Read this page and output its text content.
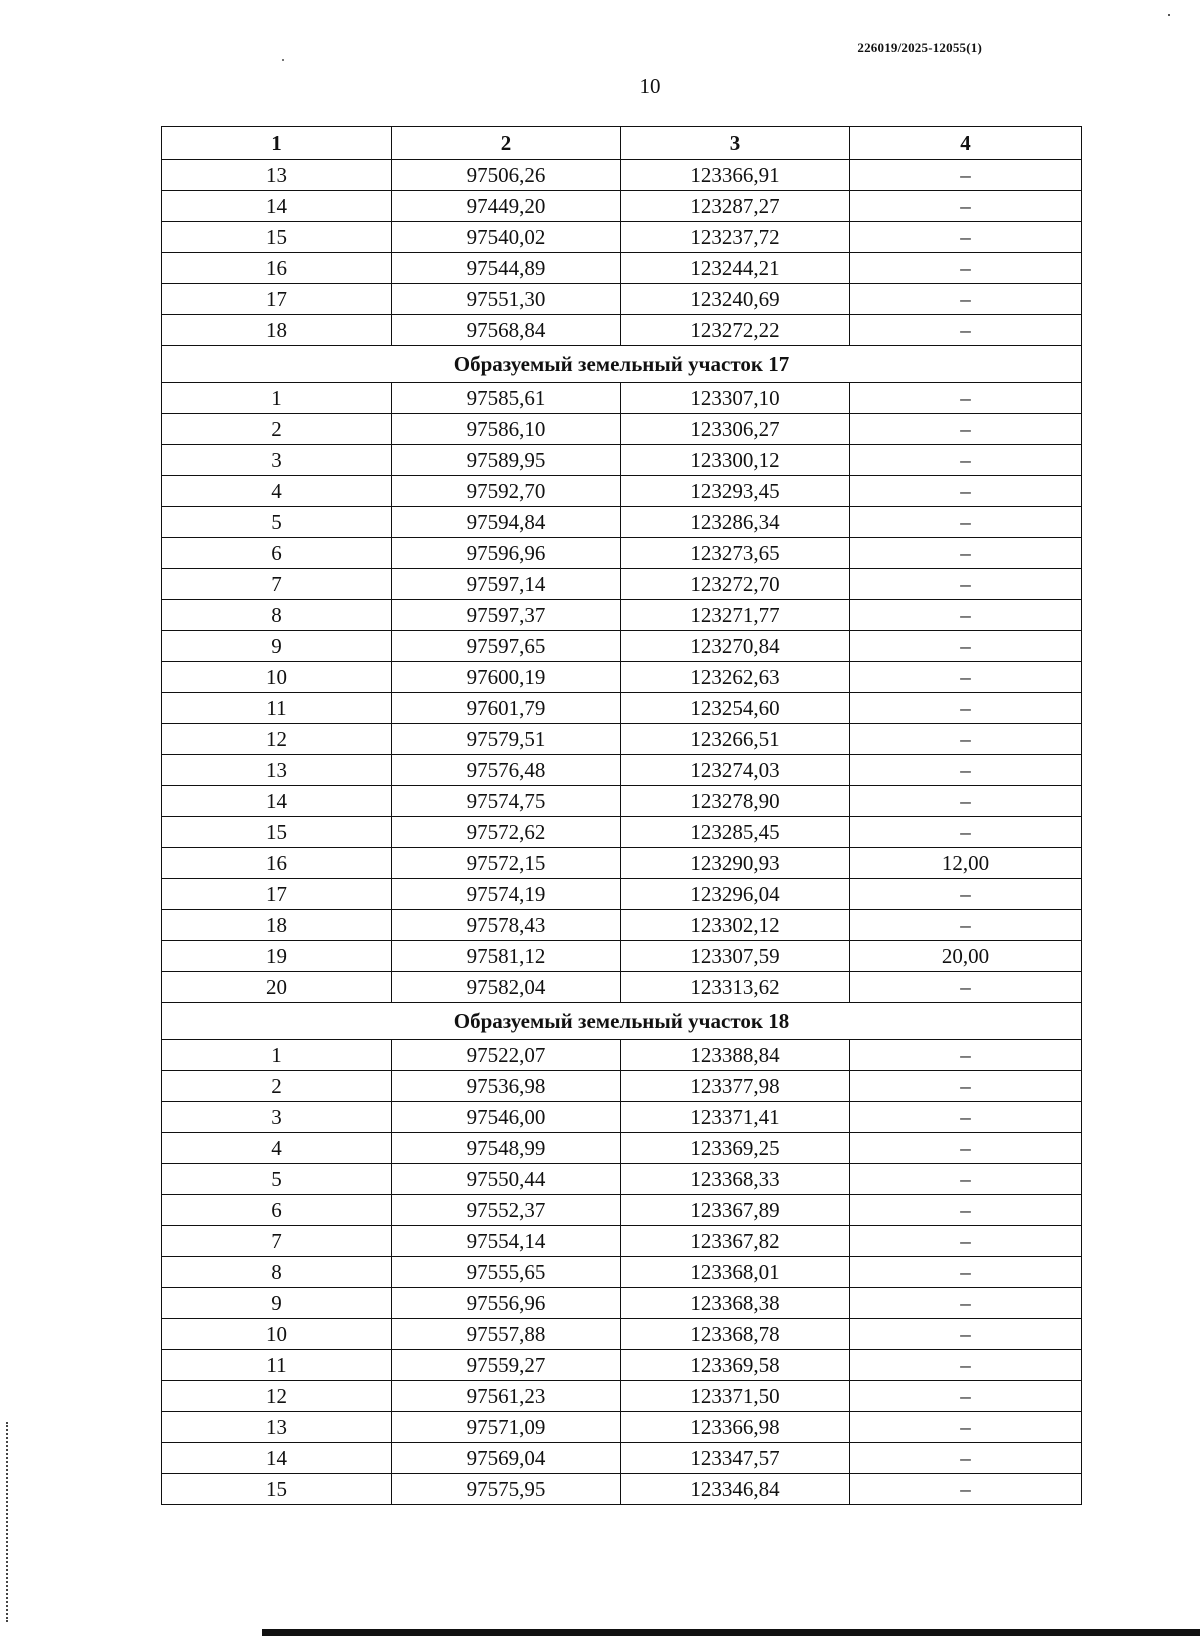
226019/2025-12055(1)
10
1	2	3	4
13	97506,26	123366,91	–
14	97449,20	123287,27	–
15	97540,02	123237,72	–
16	97544,89	123244,21	–
17	97551,30	123240,69	–
18	97568,84	123272,22	–
Образуемый земельный участок 17			
1	97585,61	123307,10	–
2	97586,10	123306,27	–
3	97589,95	123300,12	–
4	97592,70	123293,45	–
5	97594,84	123286,34	–
6	97596,96	123273,65	–
7	97597,14	123272,70	–
8	97597,37	123271,77	–
9	97597,65	123270,84	–
10	97600,19	123262,63	–
11	97601,79	123254,60	–
12	97579,51	123266,51	–
13	97576,48	123274,03	–
14	97574,75	123278,90	–
15	97572,62	123285,45	–
16	97572,15	123290,93	12,00
17	97574,19	123296,04	–
18	97578,43	123302,12	–
19	97581,12	123307,59	20,00
20	97582,04	123313,62	–
Образуемый земельный участок 18			
1	97522,07	123388,84	–
2	97536,98	123377,98	–
3	97546,00	123371,41	–
4	97548,99	123369,25	–
5	97550,44	123368,33	–
6	97552,37	123367,89	–
7	97554,14	123367,82	–
8	97555,65	123368,01	–
9	97556,96	123368,38	–
10	97557,88	123368,78	–
11	97559,27	123369,58	–
12	97561,23	123371,50	–
13	97571,09	123366,98	–
14	97569,04	123347,57	–
15	97575,95	123346,84	–
